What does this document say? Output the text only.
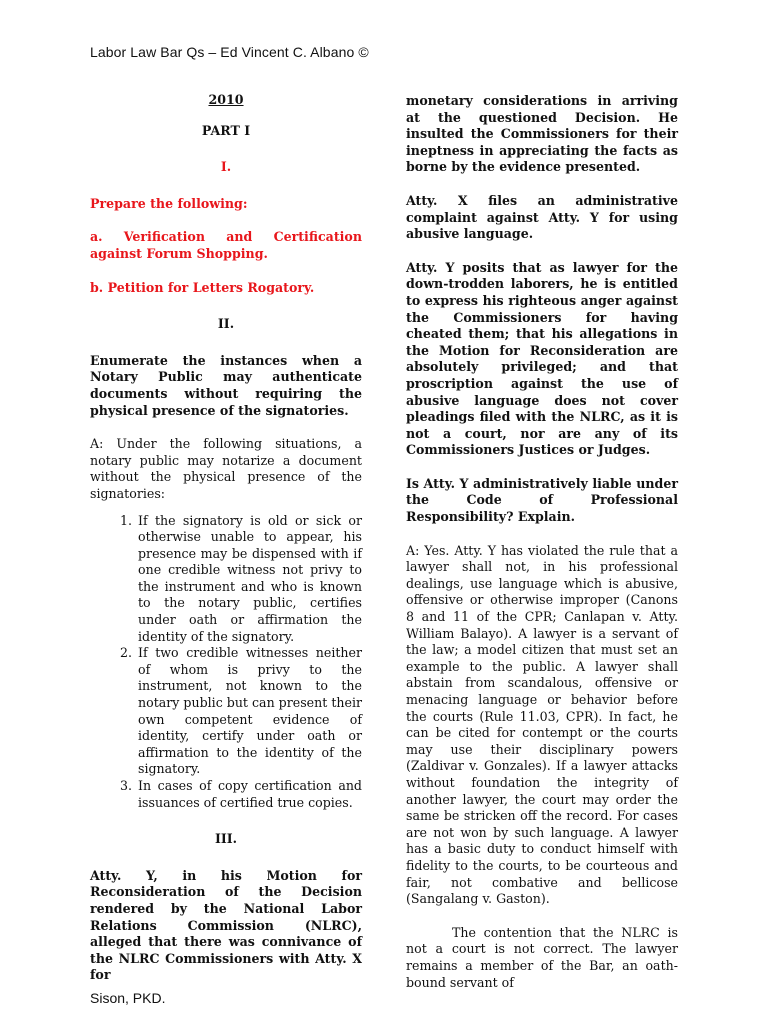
Labor Law Bar Qs – Ed Vincent C. Albano ©

2010

PART I

I.

Prepare the following:

a. Verification and Certification against Forum Shopping.

b. Petition for Letters Rogatory.

II.

Enumerate the instances when a Notary Public may authenticate documents without requiring the physical presence of the signatories.

A: Under the following situations, a notary public may notarize a document without the physical presence of the signatories:

1. If the signatory is old or sick or otherwise unable to appear, his presence may be dispensed with if one credible witness not privy to the instrument and who is known to the notary public, certifies under oath or affirmation the identity of the signatory.
2. If two credible witnesses neither of whom is privy to the instrument, not known to the notary public but can present their own competent evidence of identity, certify under oath or affirmation to the identity of the signatory.
3. In cases of copy certification and issuances of certified true copies.

III.

Atty. Y, in his Motion for Reconsideration of the Decision rendered by the National Labor Relations Commission (NLRC), alleged that there was connivance of the NLRC Commissioners with Atty. X for

monetary considerations in arriving at the questioned Decision. He insulted the Commissioners for their ineptness in appreciating the facts as borne by the evidence presented.

Atty. X files an administrative complaint against Atty. Y for using abusive language.

Atty. Y posits that as lawyer for the down-trodden laborers, he is entitled to express his righteous anger against the Commissioners for having cheated them; that his allegations in the Motion for Reconsideration are absolutely privileged; and that proscription against the use of abusive language does not cover pleadings filed with the NLRC, as it is not a court, nor are any of its Commissioners Justices or Judges.

Is Atty. Y administratively liable under the Code of Professional Responsibility? Explain.

A: Yes. Atty. Y has violated the rule that a lawyer shall not, in his professional dealings, use language which is abusive, offensive or otherwise improper (Canons 8 and 11 of the CPR; Canlapan v. Atty. William Balayo). A lawyer is a servant of the law; a model citizen that must set an example to the public. A lawyer shall abstain from scandalous, offensive or menacing language or behavior before the courts (Rule 11.03, CPR). In fact, he can be cited for contempt or the courts may use their disciplinary powers (Zaldivar v. Gonzales). If a lawyer attacks without foundation the integrity of another lawyer, the court may order the same be stricken off the record. For cases are not won by such language. A lawyer has a basic duty to conduct himself with fidelity to the courts, to be courteous and fair, not combative and bellicose (Sangalang v. Gaston).

The contention that the NLRC is not a court is not correct. The lawyer remains a member of the Bar, an oath-bound servant of

Sison, PKD.
